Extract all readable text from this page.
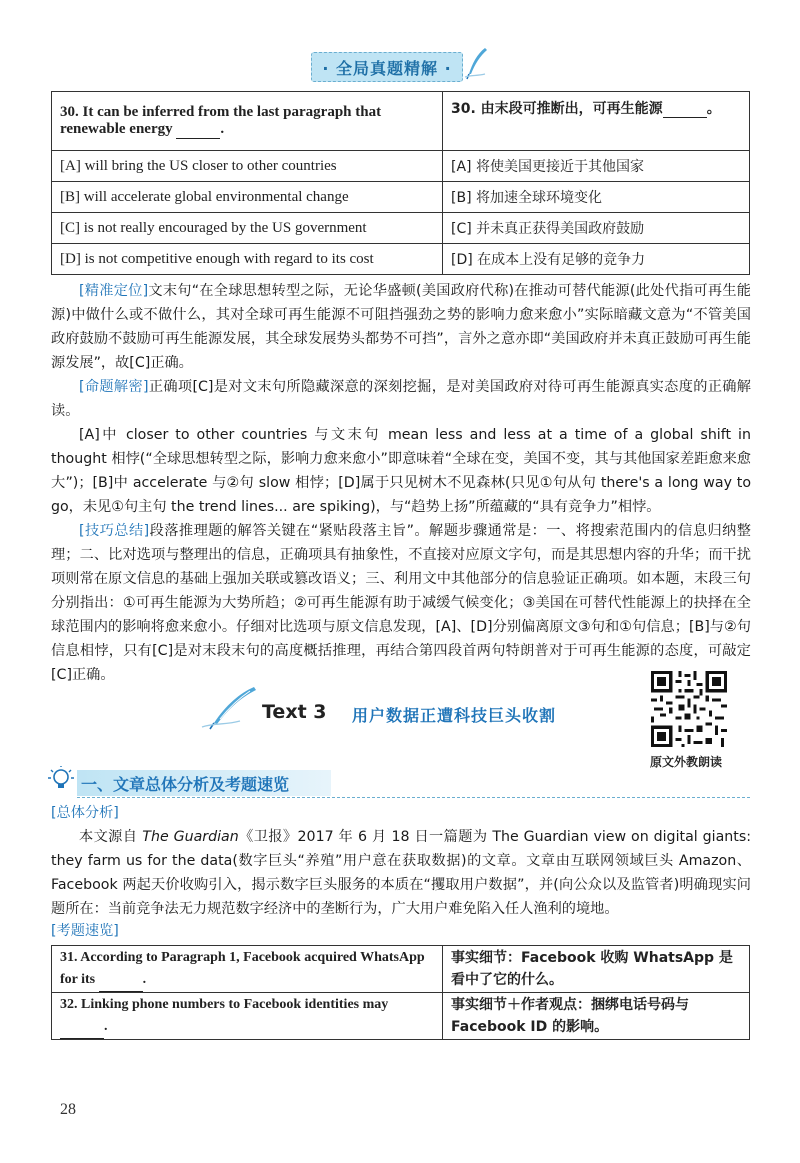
· 全局真题精解 ·
30. It can be inferred from the last paragraph that renewable energy .	30. 由末段可推断出，可再生能源 。
[A] will bring the US closer to other countries	[A] 将使美国更接近于其他国家
[B] will accelerate global environmental change	[B] 将加速全球环境变化
[C] is not really encouraged by the US government	[C] 并未真正获得美国政府鼓励
[D] is not competitive enough with regard to its cost	[D] 在成本上没有足够的竞争力
[精准定位]文末句“在全球思想转型之际，无论华盛顿(美国政府代称)在推动可替代能源(此处代指可再生能源)中做什么或不做什么，其对全球可再生能源不可阻挡强劲之势的影响力愈来愈小”实际暗藏文意为“不管美国政府鼓励不鼓励可再生能源发展，其全球发展势头都势不可挡”，言外之意亦即“美国政府并未真正鼓励可再生能源发展”，故[C]正确。
[命题解密]正确项[C]是对文末句所隐藏深意的深刻挖掘，是对美国政府对待可再生能源真实态度的正确解读。
[A]中 closer to other countries 与文末句 mean less and less at a time of a global shift in thought 相悖(“全球思想转型之际，影响力愈来愈小”即意味着“全球在变，美国不变，其与其他国家差距愈来愈大”)；[B]中 accelerate 与②句 slow 相悖；[D]属于只见树木不见森林(只见①句从句 there's a long way to go，未见①句主句 the trend lines... are spiking)，与“趋势上扬”所蕴藏的“具有竞争力”相悖。
[技巧总结]段落推理题的解答关键在“紧贴段落主旨”。解题步骤通常是：一、将搜索范围内的信息归纳整理；二、比对选项与整理出的信息，正确项具有抽象性，不直接对应原文字句，而是其思想内容的升华；而干扰项则常在原文信息的基础上强加关联或篡改语义；三、利用文中其他部分的信息验证正确项。如本题，末段三句分别指出：①可再生能源为大势所趋；②可再生能源有助于减缓气候变化；③美国在可替代性能源上的抉择在全球范围内的影响将愈来愈小。仔细对比选项与原文信息发现，[A]、[D]分别偏离原文③句和①句信息；[B]与②句信息相悖，只有[C]是对末段末句的高度概括推理，再结合第四段首两句特朗普对于可再生能源的态度，可敲定[C]正确。
Text 3 用户数据正遭科技巨头收割
原文外教朗读
一、文章总体分析及考题速览
[总体分析]
本文源自 The Guardian《卫报》2017 年 6 月 18 日一篇题为 The Guardian view on digital giants: they farm us for the data(数字巨头“养殖”用户意在获取数据)的文章。文章由互联网领域巨头 Amazon、Facebook 两起天价收购引入，揭示数字巨头服务的本质在“攫取用户数据”，并(向公众以及监管者)明确现实问题所在：当前竞争法无力规范数字经济中的垄断行为，广大用户难免陷入任人渔利的境地。
[考题速览]
31. According to Paragraph 1, Facebook acquired WhatsApp for its .	事实细节：Facebook 收购 WhatsApp 是看中了它的什么。
32. Linking phone numbers to Facebook identities may  .	事实细节＋作者观点：捆绑电话号码与 Facebook ID 的影响。
28
